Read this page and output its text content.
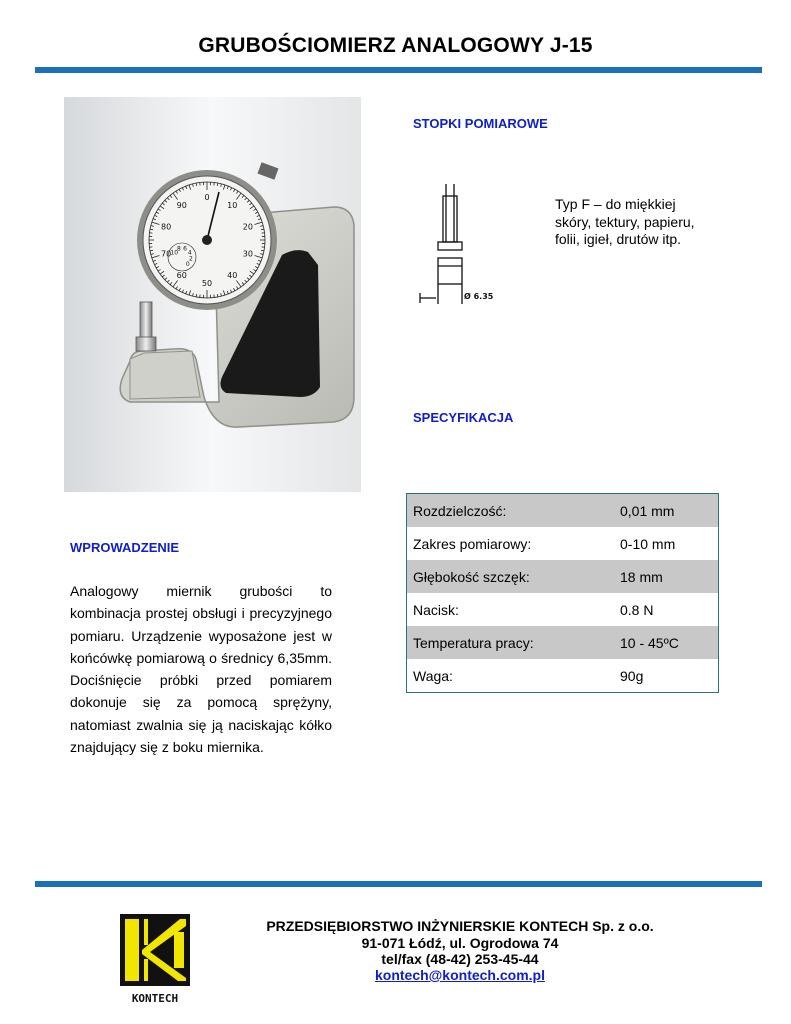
GRUBOŚCIOMIERZ ANALOGOWY J-15
90
0
10
20
30
40
50
60
70
80
10
8 6
4
2
0
STOPKI POMIAROWE
Ø 6.35
Typ F – do miękkiej skóry, tektury, papieru, folii, igieł, drutów itp.
SPECYFIKACJA
Rozdzielczość:	0,01 mm
Zakres pomiarowy:	0-10 mm
Głębokość szczęk:	18 mm
Nacisk:	0.8 N
Temperatura pracy:	10 - 45ºC
Waga:	90g
WPROWADZENIE
Analogowy miernik grubości to kombinacja prostej obsługi i precyzyjnego pomiaru. Urządzenie wyposażone jest w końcówkę pomiarową o średnicy 6,35mm. Dociśnięcie próbki przed pomiarem dokonuje się za pomocą sprężyny, natomiast zwalnia się ją naciskając kółko znajdujący się z boku miernika.
KONTECH
PRZEDSIĘBIORSTWO INŻYNIERSKIE KONTECH Sp. z o.o.
91-071 Łódź, ul. Ogrodowa 74
tel/fax (48-42) 253-45-44
kontech@kontech.com.pl
